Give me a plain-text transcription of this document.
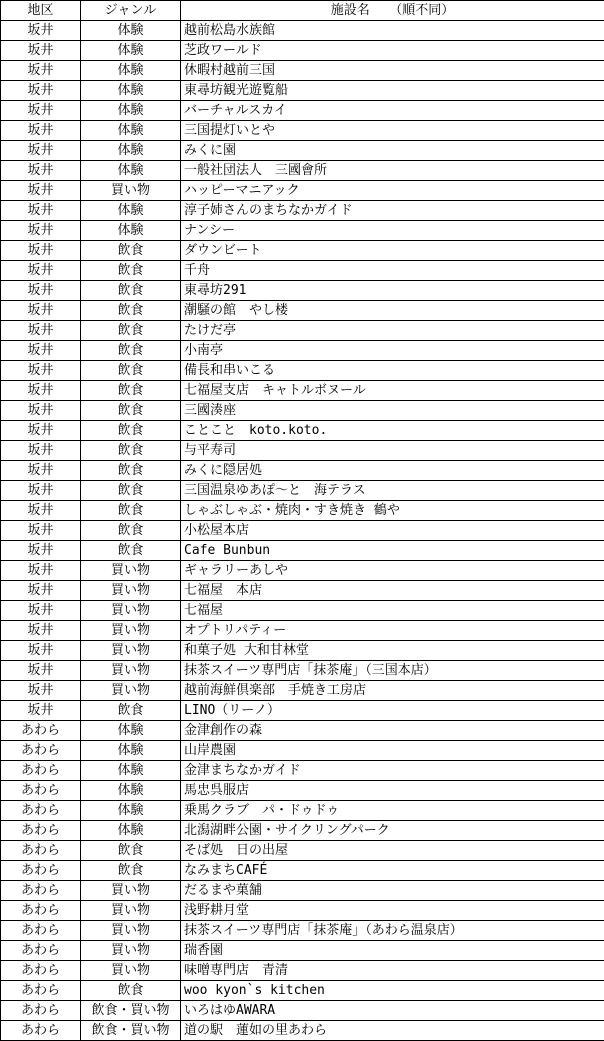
地区	ジャンル	施設名　　（順不同）
坂井	体験	越前松島水族館
坂井	体験	芝政ワールド
坂井	体験	休暇村越前三国
坂井	体験	東尋坊観光遊覧船
坂井	体験	バーチャルスカイ
坂井	体験	三国提灯いとや
坂井	体験	みくに園
坂井	体験	一般社団法人　三國會所
坂井	買い物	ハッピーマニアック
坂井	体験	淳子姉さんのまちなかガイド
坂井	体験	ナンシー
坂井	飲食	ダウンビート
坂井	飲食	千舟
坂井	飲食	東尋坊291
坂井	飲食	潮騒の館　やし楼
坂井	飲食	たけだ亭
坂井	飲食	小南亭
坂井	飲食	備長和串いこる
坂井	飲食	七福屋支店　キャトルボヌール
坂井	飲食	三國湊座
坂井	飲食	ことこと　koto.koto.
坂井	飲食	与平寿司
坂井	飲食	みくに隠居処
坂井	飲食	三国温泉ゆあぽ～と　海テラス
坂井	飲食	しゃぶしゃぶ・焼肉・すき焼き 鶴や
坂井	飲食	小松屋本店
坂井	飲食	Cafe Bunbun
坂井	買い物	ギャラリーあしや
坂井	買い物	七福屋　本店
坂井	買い物	七福屋
坂井	買い物	オプトリパティー
坂井	買い物	和菓子処 大和甘林堂
坂井	買い物	抹茶スイーツ専門店「抹茶庵」（三国本店）
坂井	買い物	越前海鮮倶楽部　手焼き工房店
坂井	飲食	LINO（リーノ）
あわら	体験	金津創作の森
あわら	体験	山岸農園
あわら	体験	金津まちなかガイド
あわら	体験	馬忠呉服店
あわら	体験	乗馬クラブ　パ・ドゥドゥ
あわら	体験	北潟湖畔公園・サイクリングパーク
あわら	飲食	そば処　日の出屋
あわら	飲食	なみまちCAFÉ
あわら	買い物	だるまや菓舗
あわら	買い物	浅野耕月堂
あわら	買い物	抹茶スイーツ専門店「抹茶庵」（あわら温泉店）
あわら	買い物	瑞香園
あわら	買い物	味噌専門店　青清
あわら	飲食	woo kyon`s kitchen
あわら	飲食・買い物	いろはゆAWARA
あわら	飲食・買い物	道の駅　蓮如の里あわら
